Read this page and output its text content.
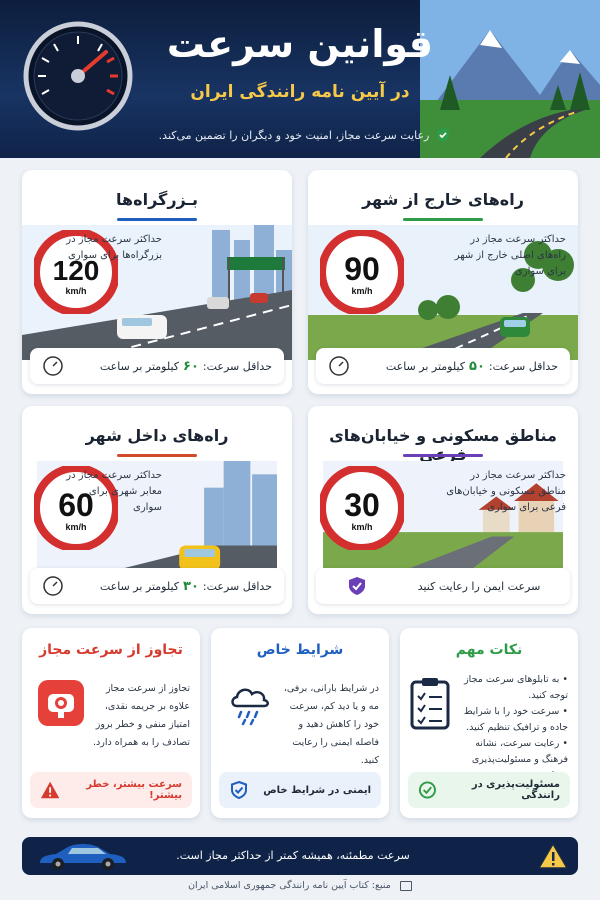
قوانین سرعت
در آیین نامه رانندگی ایران
رعایت سرعت مجاز، امنیت خود و دیگران را تضمین می‌کند.
راه‌های خارج از شهر
90
km/h
حداکثر سرعت مجاز در راه‌های اصلی خارج از شهر برای سواری
حداقل سرعت:
۵۰
کیلومتر بر ساعت
بـزرگراه‌ها
120
km/h
حداکثر سرعت مجاز در بزرگراه‌ها برای سواری
حداقل سرعت:
۶۰
کیلومتر بر ساعت
مناطق مسکونی و خیابان‌های
30
km/h
حداکثر سرعت مجاز در مناطق مسکونی و خیابان‌های فرعی برای سواری
سرعت ایمن را رعایت کنید
راه‌های داخل شهر
60
km/h
حداکثر سرعت مجاز در معابر شهری برای سواری
حداقل سرعت:
۳۰
کیلومتر بر ساعت
نکات مهم
• به تابلوهای سرعت مجاز توجه کنید.
• سرعت خود را با شرایط جاده و ترافیک تنظیم کنید.
• رعایت سرعت، نشانه فرهنگ و مسئولیت‌پذیری
مسئولیت‌پذیری در رانندگی
شرایط خاص
در شرایط بارانی، برفی، مه و یا دید کم، سرعت خود را کاهش دهید و فاصله ایمنی را رعایت کنید.
ایمنی در شرایط خاص
تجاوز از سرعت مجاز
تجاوز از سرعت مجاز علاوه بر جریمه نقدی، امتیاز منفی و خطر بروز تصادف را به همراه دارد.
سرعت بیشتر، خطر بیشتر!
سرعت مطمئنه، همیشه کمتر از حداکثر مجاز است.
منبع: کتاب آیین نامه رانندگی جمهوری اسلامی ایران
